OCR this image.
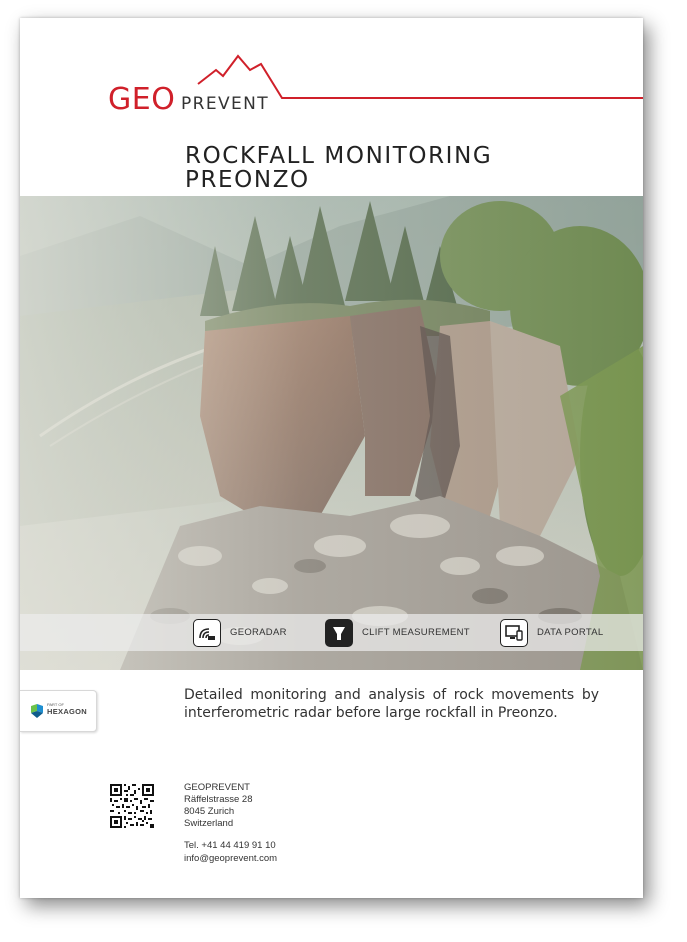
GEO PREVENT
ROCKFALL MONITORING
PREONZO
GEORADAR	CLIFT MEASUREMENT	DATA PORTAL
PART OF
HEXAGON

Detailed monitoring and analysis of rock movements by interferometric radar before large rockfall in Preonzo.

GEOPREVENT
Räffelstrasse 28
8045 Zurich
Switzerland
Tel. +41 44 419 91 10
info@geoprevent.com
